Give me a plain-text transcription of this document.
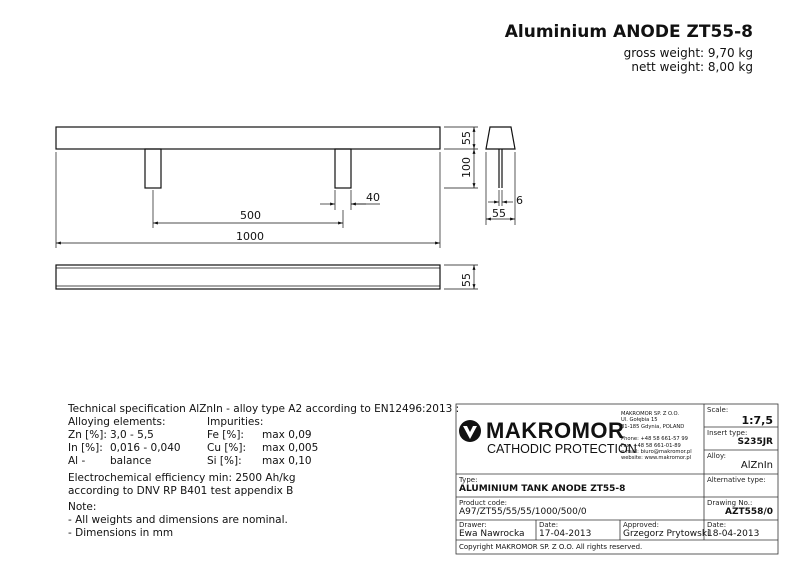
Aluminium ANODE ZT55-8
gross weight: 9,70 kg
nett weight: 8,00 kg
55
100
40
500
1000
6
55
55
Technical specification AlZnIn - alloy type A2 according to EN12496:2013 :
Alloying elements:	Impurities:
Zn [%]: 3,0 - 5,5
In [%]: 0,016 - 0,040
Al - balance
Fe [%]: max 0,09
Cu [%]: max 0,005
Si [%]: max 0,10
Electrochemical efficiency min: 2500 Ah/kg
according to DNV RP B401 test appendix B
Note:
- All weights and dimensions are nominal.
- Dimensions in mm
MAKROMOR
CATHODIC PROTECTION
MAKROMOR SP. Z O.O.
Ul. Gołębia 15
81-185 Gdynia, POLAND
Phone: +48 58 661-57 99
Fax: +48 58 661-01-89
e-mail: biuro@makromor.pl
website: www.makromor.pl
Scale:
1:7,5
Insert type:
S235JR
Alloy:
AlZnIn
Type:
ALUMINIUM TANK ANODE ZT55-8
Alternative type:
Product code:
A97/ZT55/55/55/1000/500/0
Drawing No.:
AZT558/0
Drawer:
Ewa Nawrocka
Date:
17-04-2013
Approved:
Grzegorz Prytowski
Date:
18-04-2013
Copyright MAKROMOR SP. Z O.O. All rights reserved.
